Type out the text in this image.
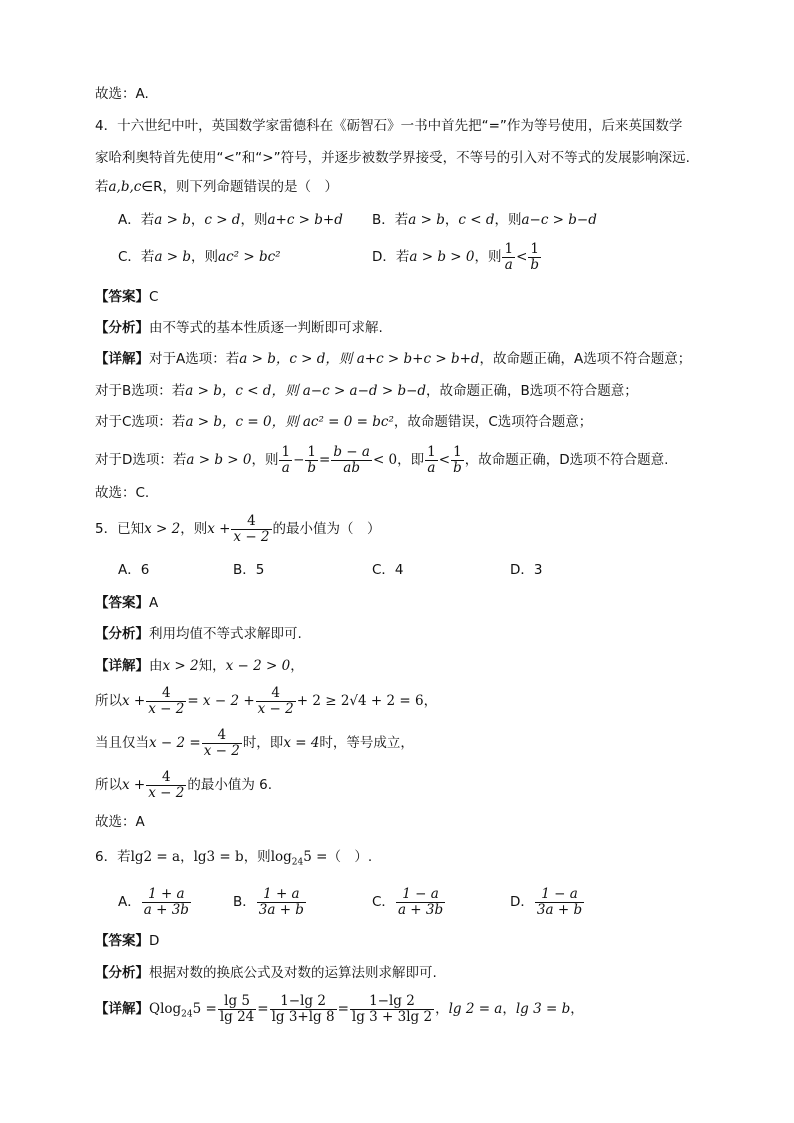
故选：A.
4．十六世纪中叶，英国数学家雷德科在《砺智石》一书中首先把“=”作为等号使用，后来英国数学
家哈利奥特首先使用“<”和“>”符号，并逐步被数学界接受，不等号的引入对不等式的发展影响深远.
若a,b,c∈R，则下列命题错误的是（　）
A．若a > b，c > d，则a+c > b+d B．若a > b，c < d，则a−c > b−d
C．若a > b，则ac² > bc²	D．若a > b > 0，则 $\frac{1}{a} < \frac{1}{b}$
【答案】C
【分析】由不等式的基本性质逐一判断即可求解.
【详解】对于A选项：若a > b，c > d，则 a+c > b+c > b+d，故命题正确，A选项不符合题意；
对于B选项：若a > b，c < d，则 a−c > a−d > b−d，故命题正确，B选项不符合题意；
对于C选项：若a > b，c = 0，则 ac² = 0 = bc²，故命题错误，C选项符合题意；
对于D选项：若a > b > 0，则 $\frac{1}{a} - \frac{1}{b} = \frac{b - a}{ab} < 0$，即 $\frac{1}{a} < \frac{1}{b}$ ，故命题正确，D选项不符合题意.
故选：C.
5．已知x > 2，则$x + \frac{4}{x - 2}$ 的最小值为（　）
A．6	B．5	C．4	D．3
【答案】A
【分析】利用均值不等式求解即可.
【详解】由x > 2知，x − 2 > 0，
所以$x + \frac{4}{x - 2} = x - 2 + \frac{4}{x - 2} + 2 \ge 2√4 + 2 = 6$，
当且仅当$x - 2 = \frac{4}{x - 2}$ 时，即x = 4时，等号成立，
所以$x + \frac{4}{x - 2}$ 的最小值为 6.
故选：A
6．若lg2 = a，lg3 = b，则$\log_{24}5$ =（　）.
A． $\frac{1 + a}{a + 3b}$	B． $\frac{1 + a}{3a + b}$	C． $\frac{1 - a}{a + 3b}$	D． $\frac{1 - a}{3a + b}$
【答案】D
【分析】根据对数的换底公式及对数的运算法则求解即可.
【详解】$Qlog_{24}5 = \frac{\lg 5}{\lg 24} = \frac{1-\lg 2}{\lg 3+\lg 8} = \frac{1-\lg 2}{\lg 3 + 3\lg 2}$ ，lg 2 = a，lg 3 = b，
